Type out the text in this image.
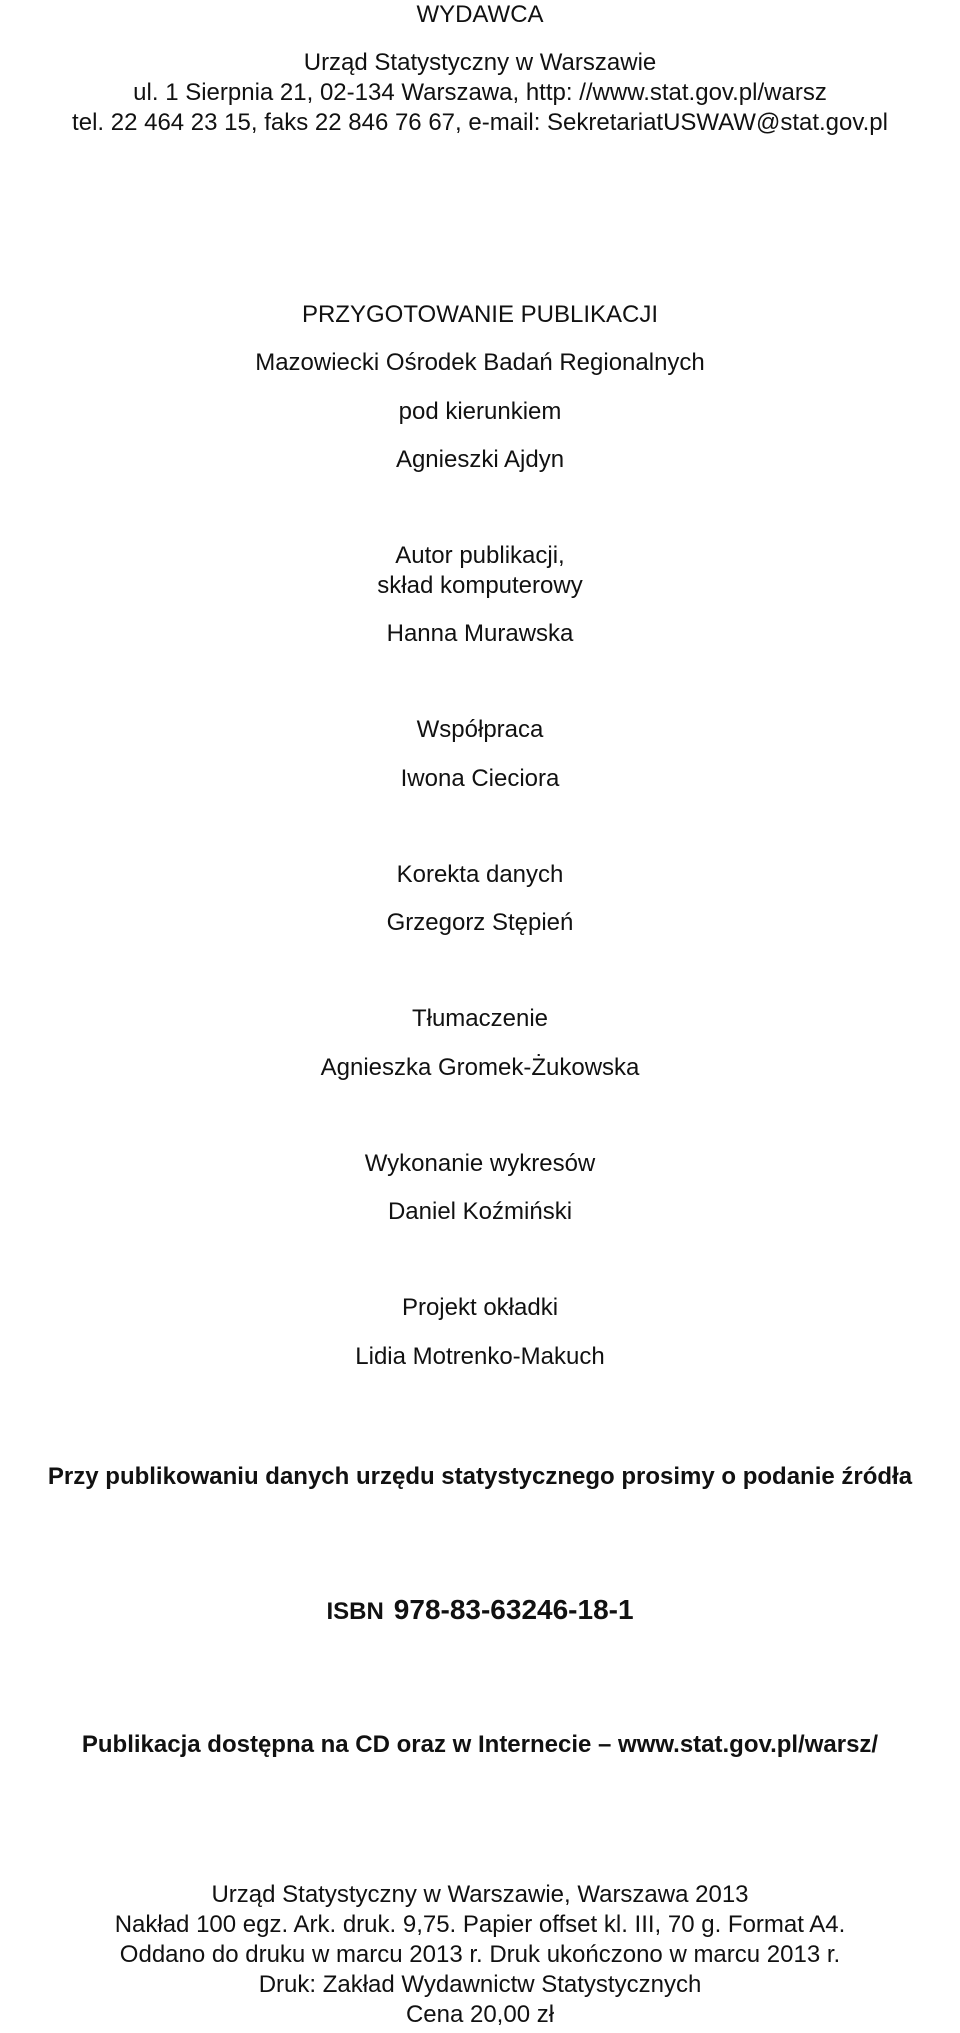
WYDAWCA
Urząd Statystyczny w Warszawie
ul. 1 Sierpnia 21, 02-134 Warszawa, http: //www.stat.gov.pl/warsz
tel. 22 464 23 15, faks 22 846 76 67, e-mail: SekretariatUSWAW@stat.gov.pl
PRZYGOTOWANIE PUBLIKACJI
Mazowiecki Ośrodek Badań Regionalnych
pod kierunkiem
Agnieszki Ajdyn
Autor publikacji,
skład komputerowy
Hanna Murawska
Współpraca
Iwona Cieciora
Korekta danych
Grzegorz Stępień
Tłumaczenie
Agnieszka Gromek-Żukowska
Wykonanie wykresów
Daniel Koźmiński
Projekt okładki
Lidia Motrenko-Makuch
Przy publikowaniu danych urzędu statystycznego prosimy o podanie źródła
ISBN 978-83-63246-18-1
Publikacja dostępna na CD oraz w Internecie – www.stat.gov.pl/warsz/
Urząd Statystyczny w Warszawie, Warszawa 2013
Nakład 100 egz. Ark. druk. 9,75. Papier offset kl. III, 70 g. Format A4.
Oddano do druku w marcu 2013 r. Druk ukończono w marcu 2013 r.
Druk: Zakład Wydawnictw Statystycznych
Cena 20,00 zł
